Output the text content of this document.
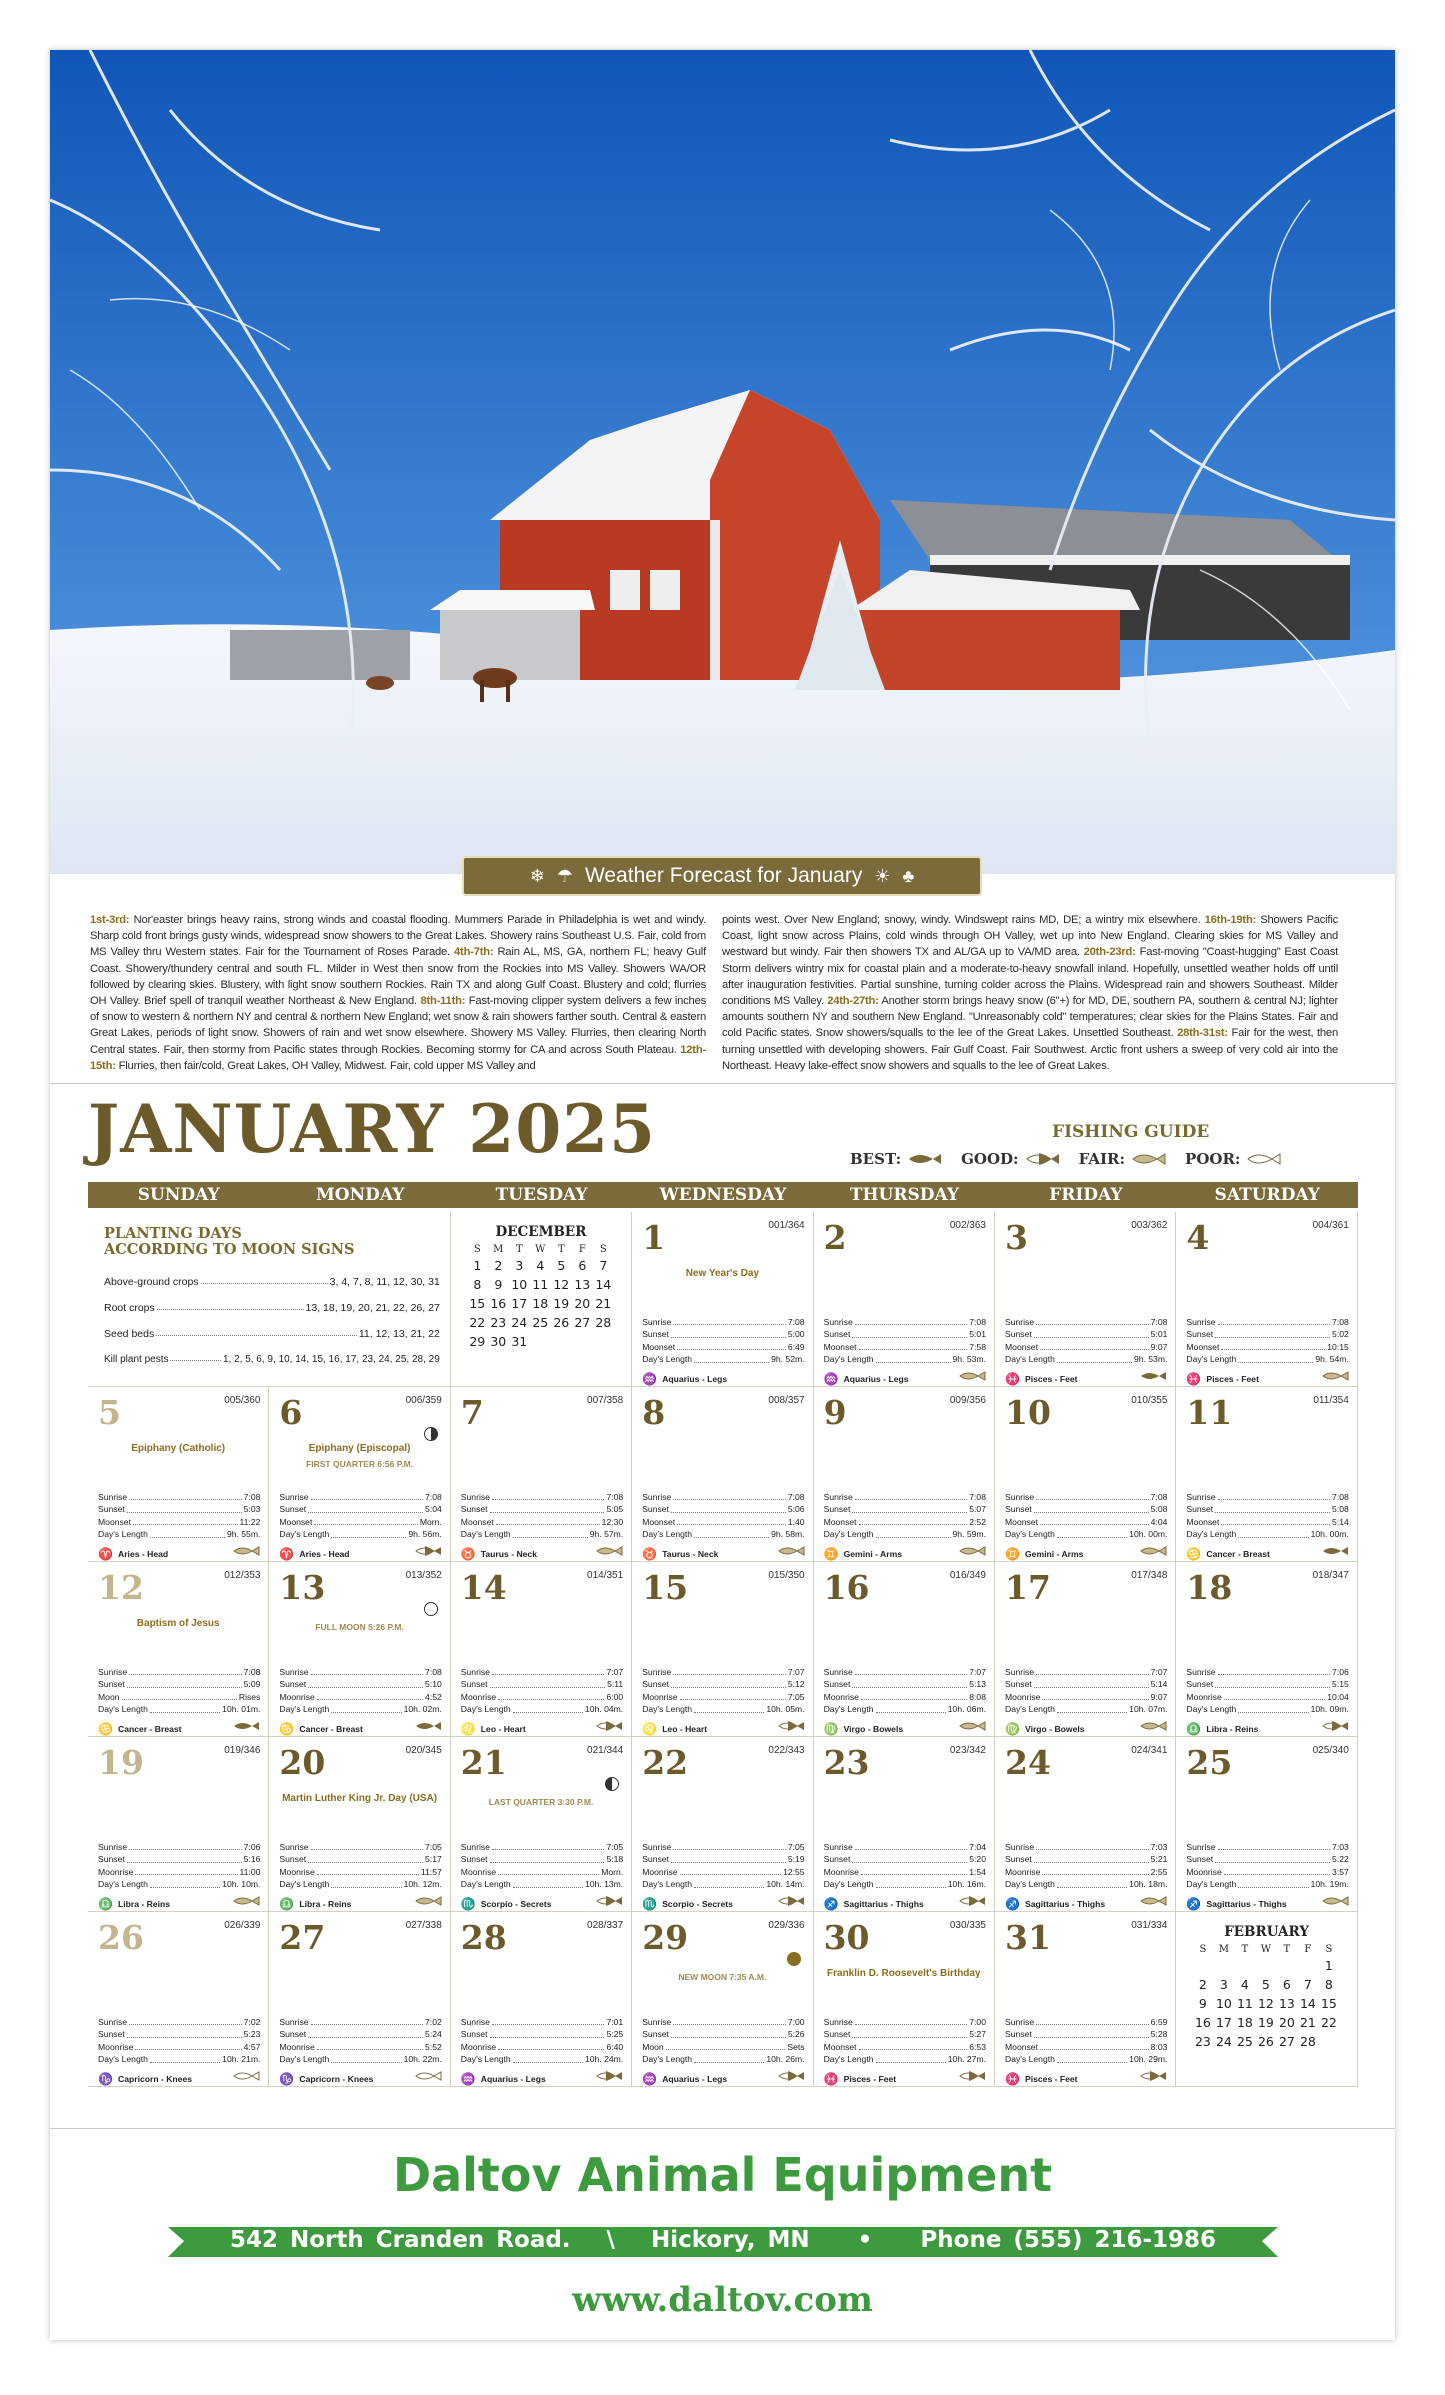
❄ ☂ Weather Forecast for January ☀ ♣
1st-3rd: Nor'easter brings heavy rains, strong winds and coastal flooding. Mummers Parade in Philadelphia is wet and windy. Sharp cold front brings gusty winds, widespread snow showers to the Great Lakes. Showery rains Southeast U.S. Fair, cold from MS Valley thru Western states. Fair for the Tournament of Roses Parade. 4th-7th: Rain AL, MS, GA, northern FL; heavy Gulf Coast. Showery/thundery central and south FL. Milder in West then snow from the Rockies into MS Valley. Showers WA/OR followed by clearing skies. Blustery, with light snow southern Rockies. Rain TX and along Gulf Coast. Blustery and cold; flurries OH Valley. Brief spell of tranquil weather Northeast & New England. 8th-11th: Fast-moving clipper system delivers a few inches of snow to western & northern NY and central & northern New England; wet snow & rain showers farther south. Central & eastern Great Lakes, periods of light snow. Showers of rain and wet snow elsewhere. Showery MS Valley. Flurries, then clearing North Central states. Fair, then stormy from Pacific states through Rockies. Becoming stormy for CA and across South Plateau. 12th-15th: Flurries, then fair/cold, Great Lakes, OH Valley, Midwest. Fair, cold upper MS Valley and
points west. Over New England; snowy, windy. Windswept rains MD, DE; a wintry mix elsewhere. 16th-19th: Showers Pacific Coast, light snow across Plains, cold winds through OH Valley, wet up into New England. Clearing skies for MS Valley and westward but windy. Fair then showers TX and AL/GA up to VA/MD area. 20th-23rd: Fast-moving "Coast-hugging" East Coast Storm delivers wintry mix for coastal plain and a moderate-to-heavy snowfall inland. Hopefully, unsettled weather holds off until after inauguration festivities. Partial sunshine, turning colder across the Plains. Widespread rain and showers Southeast. Milder conditions MS Valley. 24th-27th: Another storm brings heavy snow (6"+) for MD, DE, southern PA, southern & central NJ; lighter amounts southern NY and southern New England. "Unreasonably cold" temperatures; clear skies for the Plains States. Fair and cold Pacific states. Snow showers/squalls to the lee of the Great Lakes. Unsettled Southeast. 28th-31st: Fair for the west, then turning unsettled with developing showers. Fair Gulf Coast. Fair Southwest. Arctic front ushers a sweep of very cold air into the Northeast. Heavy lake-effect snow showers and squalls to the lee of Great Lakes.
JANUARY 2025	FISHING GUIDE
BEST:	GOOD:	FAIR:	POOR:
SUNDAY	MONDAY	TUESDAY	WEDNESDAY	THURSDAY	FRIDAY	SATURDAY
PLANTING DAYS
ACCORDING TO MOON SIGNS
Above-ground crops	3, 4, 7, 8, 11, 12, 30, 31
Root crops	13, 18, 19, 20, 21, 22, 26, 27
Seed beds	11, 12, 13, 21, 22
Kill plant pests	1, 2, 5, 6, 9, 10, 14, 15, 16, 17, 23, 24, 25, 28, 29
DECEMBER
S	M	T	W	T	F	S
1	2	3	4	5	6	7
8	9	10	11	12	13	14
15	16	17	18	19	20	21
22	23	24	25	26	27	28
29	30	31				
FEBRUARY
S	M	T	W	T	F	S
						1
2	3	4	5	6	7	8
9	10	11	12	13	14	15
16	17	18	19	20	21	22
23	24	25	26	27	28	
1	001/364
New Year's Day
Sunrise	7:08
Sunset	5:00
Moonset	6:49
Day's Length	9h. 52m.
♒ Aquarius - Legs
2	002/363
Sunrise	7:08
Sunset	5:01
Moonset	7:58
Day's Length	9h. 53m.
♒ Aquarius - Legs
3	003/362
Sunrise	7:08
Sunset	5:01
Moonset	9:07
Day's Length	9h. 53m.
♓ Pisces - Feet
4	004/361
Sunrise	7:08
Sunset	5:02
Moonset	10:15
Day's Length	9h. 54m.
♓ Pisces - Feet
5	005/360
Epiphany (Catholic)
Sunrise	7:08
Sunset	5:03
Moonset	11:22
Day's Length	9h. 55m.
♈ Aries - Head
6	006/359
Epiphany (Episcopal)
FIRST QUARTER 6:56 P.M.
Sunrise	7:08
Sunset	5:04
Moonset	Morn.
Day's Length	9h. 56m.
♈ Aries - Head
7	007/358
Sunrise	7:08
Sunset	5:05
Moonset	12:30
Day's Length	9h. 57m.
♉ Taurus - Neck
8	008/357
Sunrise	7:08
Sunset	5:06
Moonset	1:40
Day's Length	9h. 58m.
♉ Taurus - Neck
9	009/356
Sunrise	7:08
Sunset	5:07
Moonset	2:52
Day's Length	9h. 59m.
♊ Gemini - Arms
10	010/355
Sunrise	7:08
Sunset	5:08
Moonset	4:04
Day's Length	10h. 00m.
♊ Gemini - Arms
11	011/354
Sunrise	7:08
Sunset	5:08
Moonset	5:14
Day's Length	10h. 00m.
♋ Cancer - Breast
12	012/353
Baptism of Jesus
Sunrise	7:08
Sunset	5:09
Moon	Rises
Day's Length	10h. 01m.
♋ Cancer - Breast
13	013/352
FULL MOON 5:26 P.M.
Sunrise	7:08
Sunset	5:10
Moonrise	4:52
Day's Length	10h. 02m.
♋ Cancer - Breast
14	014/351
Sunrise	7:07
Sunset	5:11
Moonrise	6:00
Day's Length	10h. 04m.
♌ Leo - Heart
15	015/350
Sunrise	7:07
Sunset	5:12
Moonrise	7:05
Day's Length	10h. 05m.
♌ Leo - Heart
16	016/349
Sunrise	7:07
Sunset	5:13
Moonrise	8:08
Day's Length	10h. 06m.
♍ Virgo - Bowels
17	017/348
Sunrise	7:07
Sunset	5:14
Moonrise	9:07
Day's Length	10h. 07m.
♍ Virgo - Bowels
18	018/347
Sunrise	7:06
Sunset	5:15
Moonrise	10:04
Day's Length	10h. 09m.
♎ Libra - Reins
19	019/346
Sunrise	7:06
Sunset	5:16
Moonrise	11:00
Day's Length	10h. 10m.
♎ Libra - Reins
20	020/345
Martin Luther King Jr. Day (USA)
Sunrise	7:05
Sunset	5:17
Moonrise	11:57
Day's Length	10h. 12m.
♎ Libra - Reins
21	021/344
LAST QUARTER 3:30 P.M.
Sunrise	7:05
Sunset	5:18
Moonrise	Morn.
Day's Length	10h. 13m.
♏ Scorpio - Secrets
22	022/343
Sunrise	7:05
Sunset	5:19
Moonrise	12:55
Day's Length	10h. 14m.
♏ Scorpio - Secrets
23	023/342
Sunrise	7:04
Sunset	5:20
Moonrise	1:54
Day's Length	10h. 16m.
♐ Sagittarius - Thighs
24	024/341
Sunrise	7:03
Sunset	5:21
Moonrise	2:55
Day's Length	10h. 18m.
♐ Sagittarius - Thighs
25	025/340
Sunrise	7:03
Sunset	5:22
Moonrise	3:57
Day's Length	10h. 19m.
♐ Sagittarius - Thighs
26	026/339
Sunrise	7:02
Sunset	5:23
Moonrise	4:57
Day's Length	10h. 21m.
♑ Capricorn - Knees
27	027/338
Sunrise	7:02
Sunset	5:24
Moonrise	5:52
Day's Length	10h. 22m.
♑ Capricorn - Knees
28	028/337
Sunrise	7:01
Sunset	5:25
Moonrise	6:40
Day's Length	10h. 24m.
♒ Aquarius - Legs
29	029/336
NEW MOON 7:35 A.M.
Sunrise	7:00
Sunset	5:26
Moon	Sets
Day's Length	10h. 26m.
♒ Aquarius - Legs
30	030/335
Franklin D. Roosevelt's Birthday
Sunrise	7:00
Sunset	5:27
Moonset	6:53
Day's Length	10h. 27m.
♓ Pisces - Feet
31	031/334
Sunrise	6:59
Sunset	5:28
Moonset	8:03
Day's Length	10h. 29m.
♓ Pisces - Feet
Daltov Animal Equipment
542 North Cranden Road.   \   Hickory, MN    •    Phone (555) 216-1986
www.daltov.com
